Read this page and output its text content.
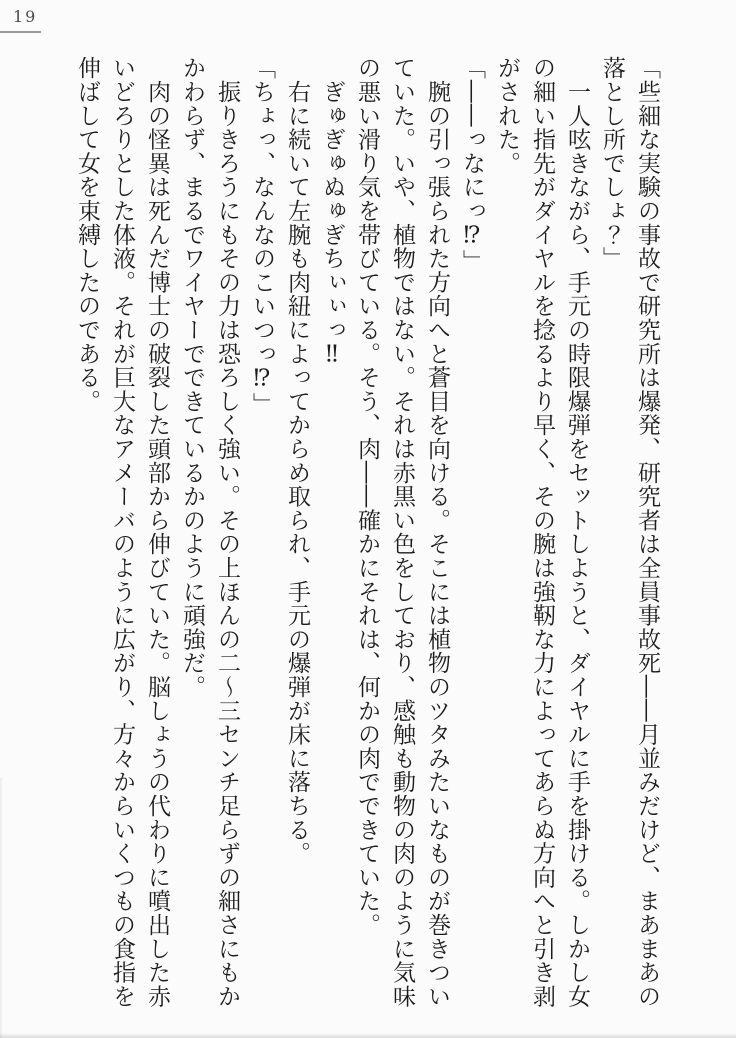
19

「些細な実験の事故で研究所は爆発、研究者は全員事故死――月並みだけど、まあまあの

落とし所でしょ？」

　一人呟きながら、手元の時限爆弾をセットしようと、ダイヤルに手を掛ける。しかし女

の細い指先がダイヤルを捻るより早く、その腕は強靭な力によってあらぬ方向へと引き剥

がされた。

「――っなにっ⁉」

　腕の引っ張られた方向へと蒼目を向ける。そこには植物のツタみたいなものが巻きつい

ていた。いや、植物ではない。それは赤黒い色をしており、感触も動物の肉のように気味

の悪い滑り気を帯びている。そう、肉――確かにそれは、何かの肉でできていた。

　ぎゅぎゅぬゅぎちぃぃっ‼

　右に続いて左腕も肉紐によってからめ取られ、手元の爆弾が床に落ちる。

「ちょっ、なんなのこいつっ⁉」

　振りきろうにもその力は恐ろしく強い。その上ほんの二〜三センチ足らずの細さにもか

かわらず、まるでワイヤーでできているかのように頑強だ。

　肉の怪異は死んだ博士の破裂した頭部から伸びていた。脳しょうの代わりに噴出した赤

いどろりとした体液。それが巨大なアメーバのように広がり、方々からいくつもの食指を

伸ばして女を束縛したのである。
